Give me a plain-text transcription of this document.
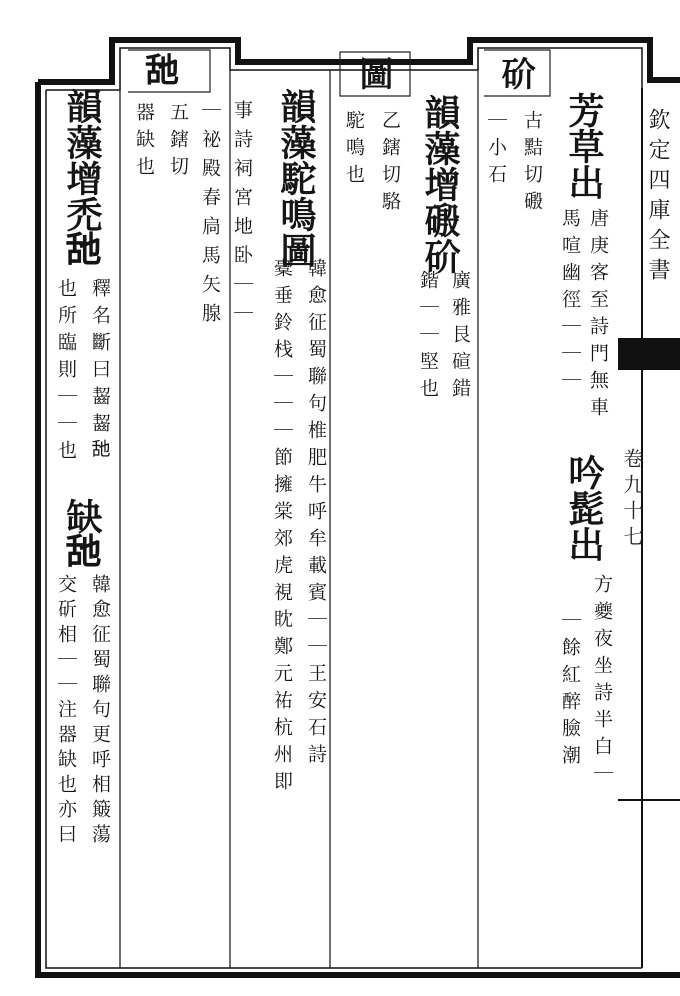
欽定四庫全書
卷九十七
芳草出
唐庚客至詩門無車
馬喧幽徑｜｜｜
吟髭出
方夔夜坐詩半白｜
｜餘紅醉臉潮
砎
古黠切磤
｜小石
韻藻增磤砎
廣雅艮碹錯
鍇｜｜堅也
圖
乙鎋切駱
駝鳴也
韻藻駝鳴圖
韓愈征蜀聯句椎肥牛呼牟載賓｜｜王安石詩
橐垂鈴栈｜｜｜節擁棠郊虎視眈鄭元祐杭州即
事詩祠宮地卧｜｜
｜祕殿春扃馬矢腺
𦧇
五鎋切
器缺也
韻藻增禿𦧇
釋名斷曰齧齧𦧇
也所臨則｜｜也
缺𦧇
韓愈征蜀聯句更呼相簸蕩
交斫相｜｜注器缺也亦曰
